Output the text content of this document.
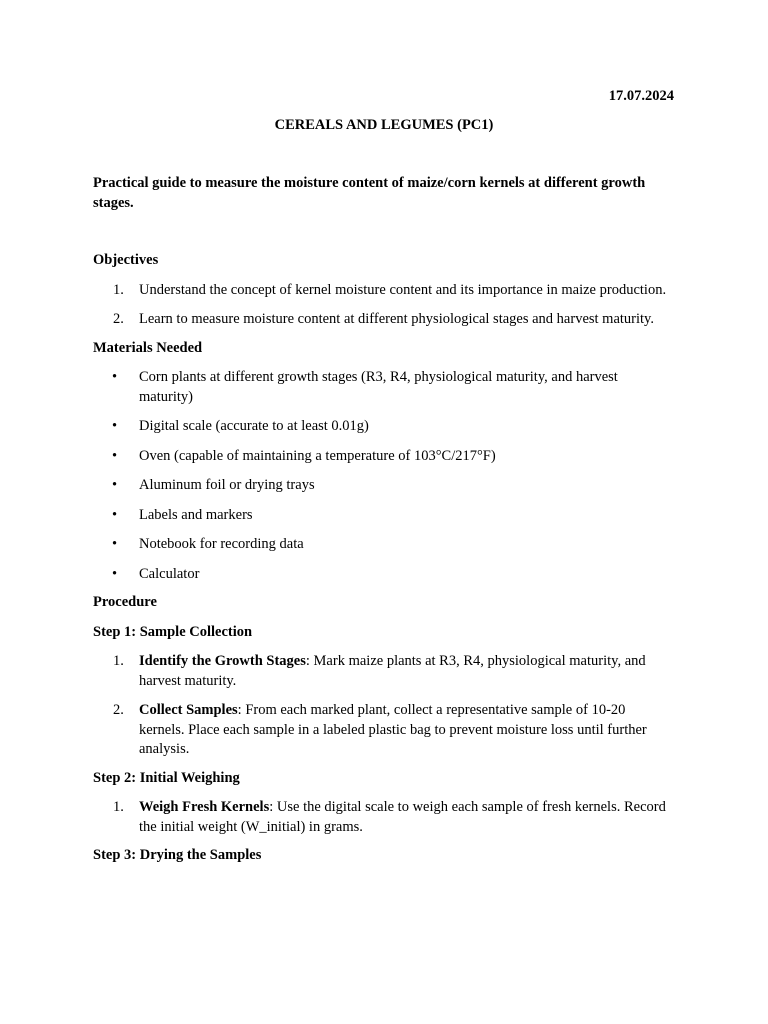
17.07.2024
CEREALS AND LEGUMES (PC1)

Practical guide to measure the moisture content of maize/corn kernels at different growth stages.

Objectives

1. Understand the concept of kernel moisture content and its importance in maize production.
2. Learn to measure moisture content at different physiological stages and harvest maturity.

Materials Needed

• Corn plants at different growth stages (R3, R4, physiological maturity, and harvest maturity)
• Digital scale (accurate to at least 0.01g)
• Oven (capable of maintaining a temperature of 103°C/217°F)
• Aluminum foil or drying trays
• Labels and markers
• Notebook for recording data
• Calculator

Procedure

Step 1: Sample Collection

1. Identify the Growth Stages: Mark maize plants at R3, R4, physiological maturity, and harvest maturity.
2. Collect Samples: From each marked plant, collect a representative sample of 10-20 kernels. Place each sample in a labeled plastic bag to prevent moisture loss until further analysis.

Step 2: Initial Weighing

1. Weigh Fresh Kernels: Use the digital scale to weigh each sample of fresh kernels. Record the initial weight (W_initial) in grams.

Step 3: Drying the Samples
